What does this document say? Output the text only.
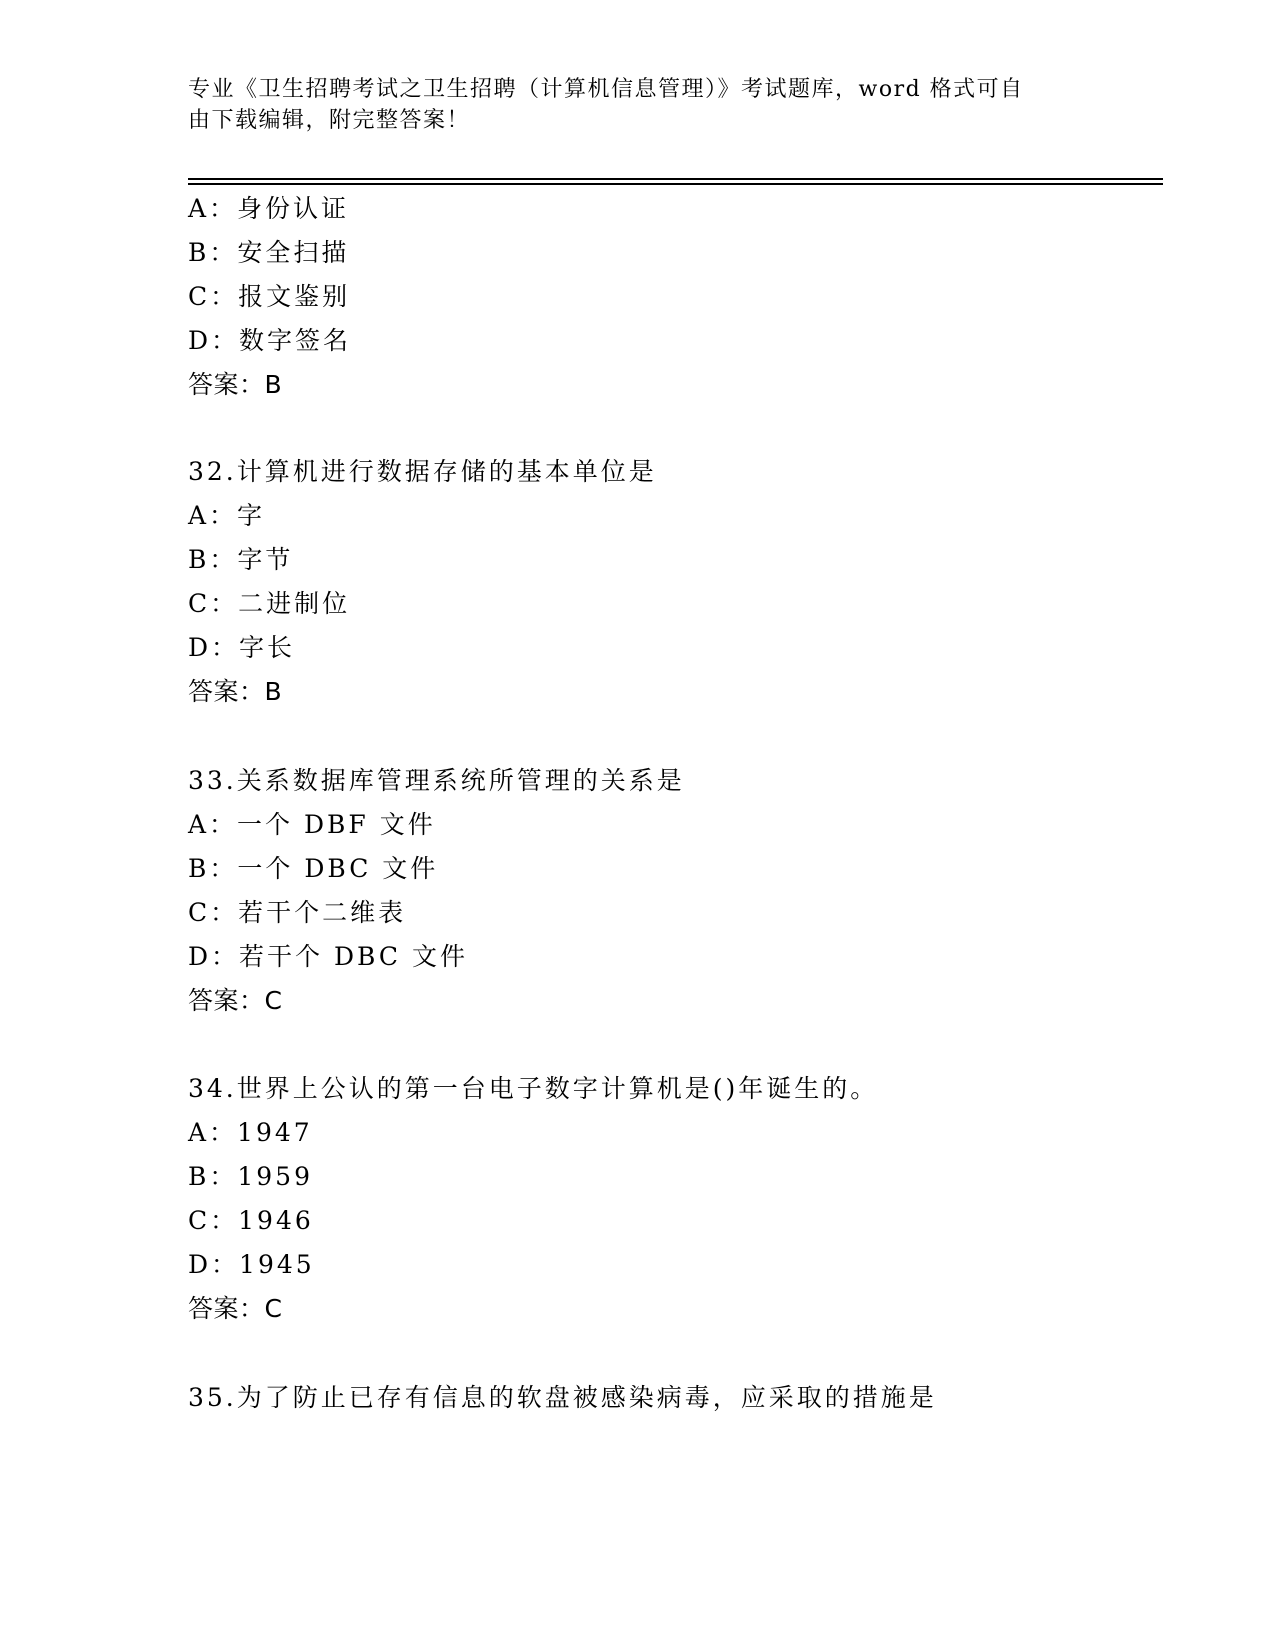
专业《卫生招聘考试之卫生招聘（计算机信息管理）》考试题库，word 格式可自
由下载编辑，附完整答案！
A：身份认证
B：安全扫描
C：报文鉴别
D：数字签名
答案：B
32.计算机进行数据存储的基本单位是
A：字
B：字节
C：二进制位
D：字长
答案：B
33.关系数据库管理系统所管理的关系是
A：一个 DBF 文件
B：一个 DBC 文件
C：若干个二维表
D：若干个 DBC 文件
答案：C
34.世界上公认的第一台电子数字计算机是()年诞生的。
A：1947
B：1959
C：1946
D：1945
答案：C
35.为了防止已存有信息的软盘被感染病毒，应采取的措施是
